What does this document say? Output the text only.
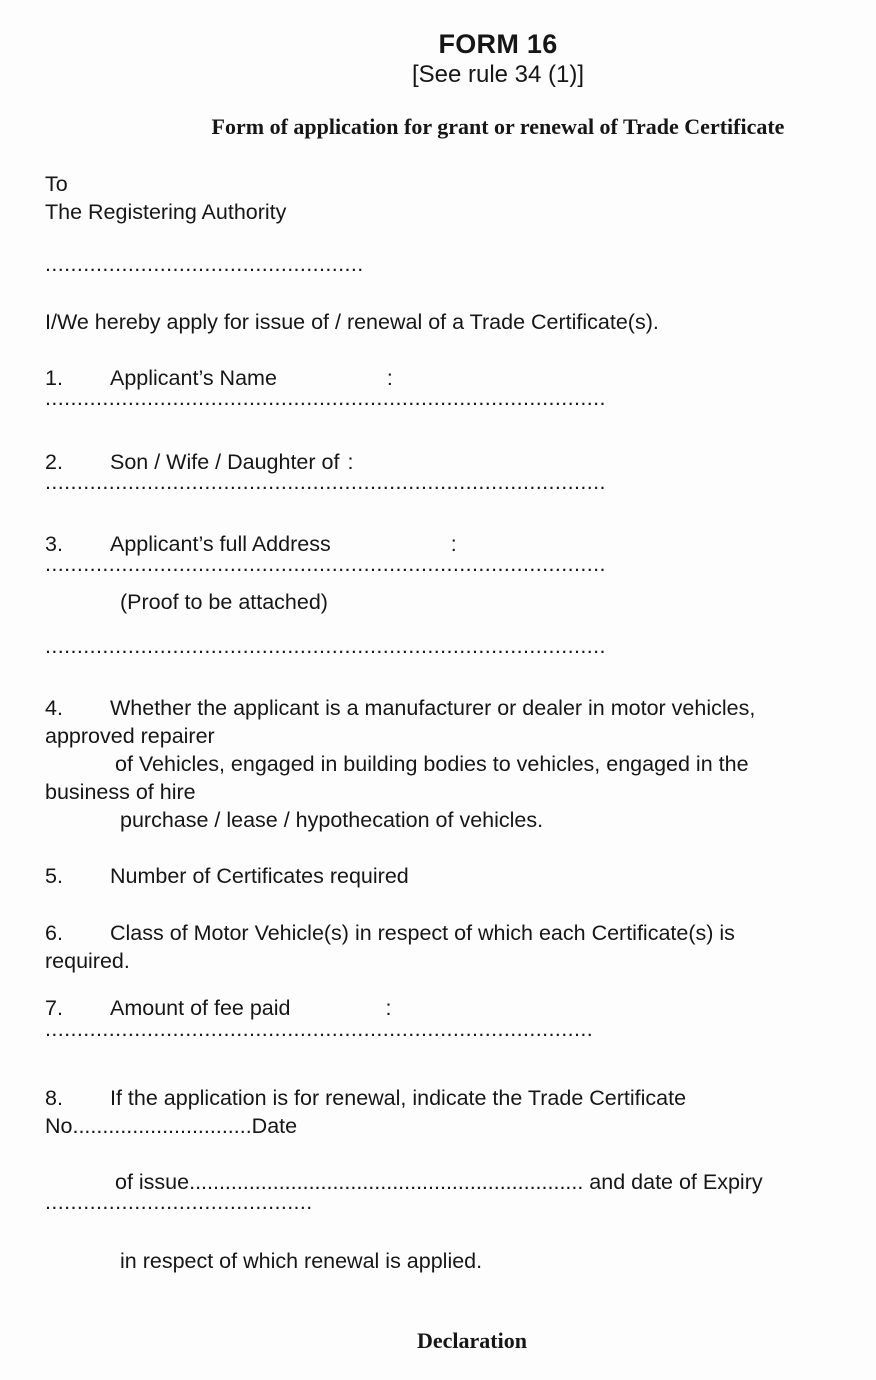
FORM 16
[See rule 34 (1)]
Form of application for grant or renewal of Trade Certificate
To
The Registering Authority
..................................................
I/We hereby apply for issue of / renewal of a Trade Certificate(s).
1.	Applicant’s Name	:
........................................................................................
2.	Son / Wife / Daughter of :
........................................................................................
3.	Applicant’s full Address	:
........................................................................................
(Proof to be attached)
........................................................................................
4.	Whether the applicant is a manufacturer or dealer in motor vehicles,
approved repairer
of Vehicles, engaged in building bodies to vehicles, engaged in the
business of hire
purchase / lease / hypothecation of vehicles.
5.	Number of Certificates required
6.	Class of Motor Vehicle(s) in respect of which each Certificate(s) is
required.
7.	Amount of fee paid	:
......................................................................................
8.	If the application is for renewal, indicate the Trade Certificate
No..............................Date
of issue.................................................................. and date of Expiry
..........................................
in respect of which renewal is applied.
Declaration
